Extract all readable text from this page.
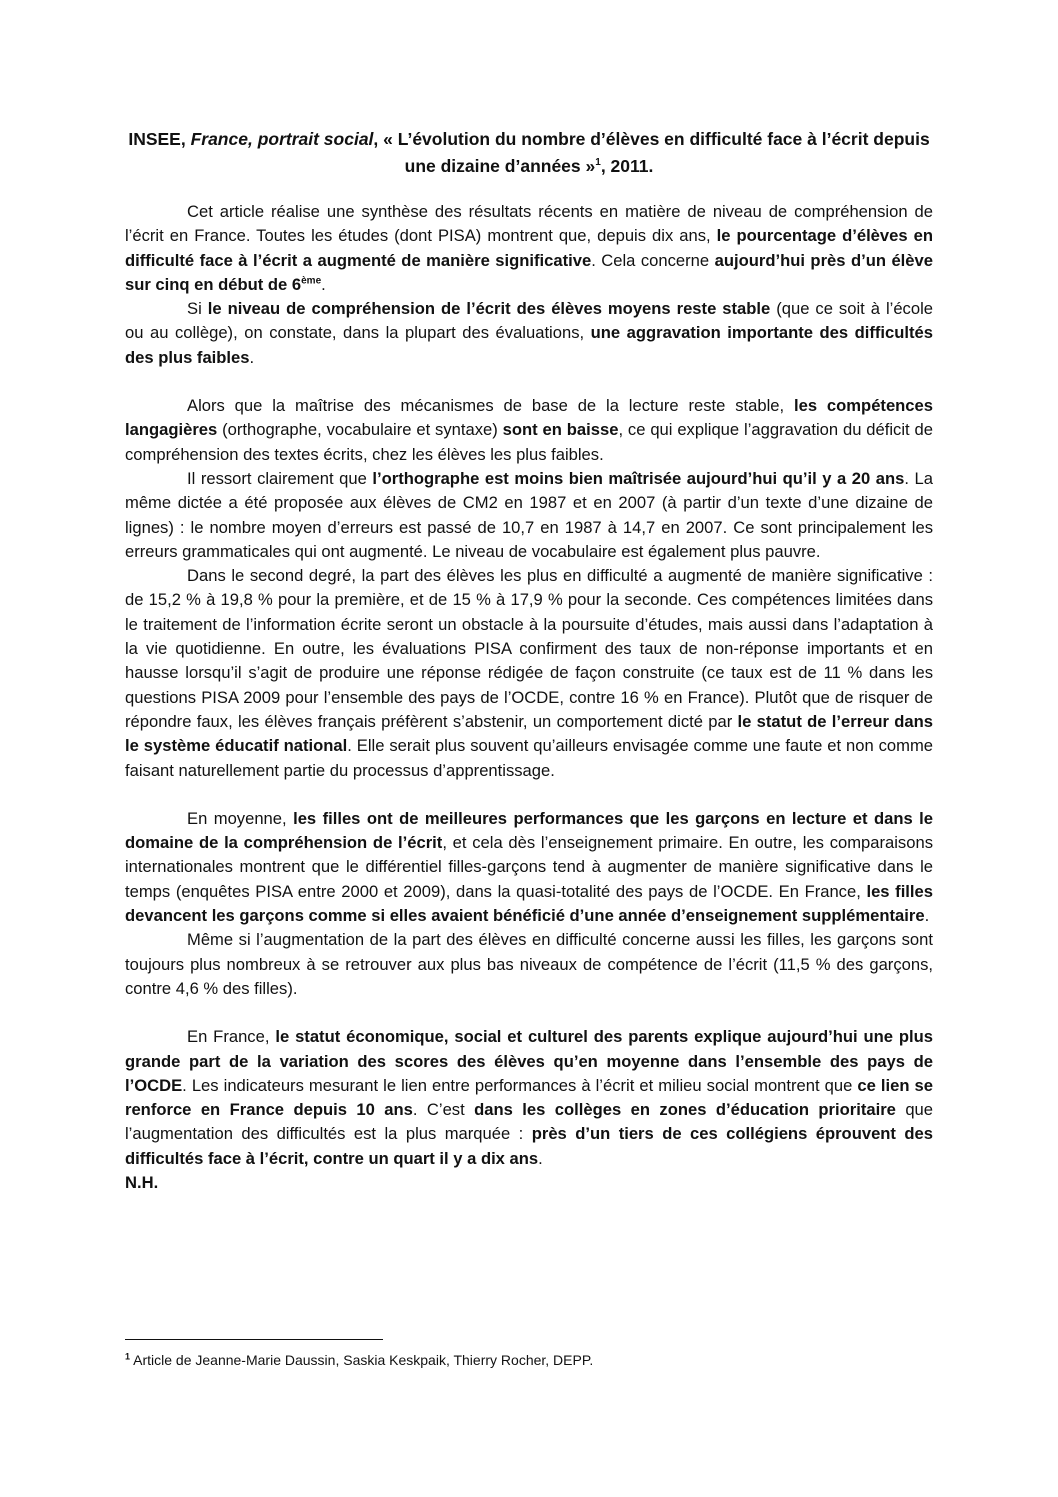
INSEE, France, portrait social, « L’évolution du nombre d’élèves en difficulté face à l’écrit depuis une dizaine d’années »$^1$, 2011.

Cet article réalise une synthèse des résultats récents en matière de niveau de compréhension de l’écrit en France. Toutes les études (dont PISA) montrent que, depuis dix ans, le pourcentage d’élèves en difficulté face à l’écrit a augmenté de manière significative. Cela concerne aujourd’hui près d’un élève sur cinq en début de 6ème.

Si le niveau de compréhension de l’écrit des élèves moyens reste stable (que ce soit à l’école ou au collège), on constate, dans la plupart des évaluations, une aggravation importante des difficultés des plus faibles.

Alors que la maîtrise des mécanismes de base de la lecture reste stable, les compétences langagières (orthographe, vocabulaire et syntaxe) sont en baisse, ce qui explique l’aggravation du déficit de compréhension des textes écrits, chez les élèves les plus faibles.

Il ressort clairement que l’orthographe est moins bien maîtrisée aujourd’hui qu’il y a 20 ans. La même dictée a été proposée aux élèves de CM2 en 1987 et en 2007 (à partir d’un texte d’une dizaine de lignes) : le nombre moyen d’erreurs est passé de 10,7 en 1987 à 14,7 en 2007. Ce sont principalement les erreurs grammaticales qui ont augmenté. Le niveau de vocabulaire est également plus pauvre.

Dans le second degré, la part des élèves les plus en difficulté a augmenté de manière significative : de 15,2 % à 19,8 % pour la première, et de 15 % à 17,9 % pour la seconde. Ces compétences limitées dans le traitement de l’information écrite seront un obstacle à la poursuite d’études, mais aussi dans l’adaptation à la vie quotidienne. En outre, les évaluations PISA confirment des taux de non-réponse importants et en hausse lorsqu’il s’agit de produire une réponse rédigée de façon construite (ce taux est de 11 % dans les questions PISA 2009 pour l’ensemble des pays de l’OCDE, contre 16 % en France). Plutôt que de risquer de répondre faux, les élèves français préfèrent s’abstenir, un comportement dicté par le statut de l’erreur dans le système éducatif national. Elle serait plus souvent qu’ailleurs envisagée comme une faute et non comme faisant naturellement partie du processus d’apprentissage.

En moyenne, les filles ont de meilleures performances que les garçons en lecture et dans le domaine de la compréhension de l’écrit, et cela dès l’enseignement primaire. En outre, les comparaisons internationales montrent que le différentiel filles-garçons tend à augmenter de manière significative dans le temps (enquêtes PISA entre 2000 et 2009), dans la quasi-totalité des pays de l’OCDE. En France, les filles devancent les garçons comme si elles avaient bénéficié d’une année d’enseignement supplémentaire.

Même si l’augmentation de la part des élèves en difficulté concerne aussi les filles, les garçons sont toujours plus nombreux à se retrouver aux plus bas niveaux de compétence de l’écrit (11,5 % des garçons, contre 4,6 % des filles).

En France, le statut économique, social et culturel des parents explique aujourd’hui une plus grande part de la variation des scores des élèves qu’en moyenne dans l’ensemble des pays de l’OCDE. Les indicateurs mesurant le lien entre performances à l’écrit et milieu social montrent que ce lien se renforce en France depuis 10 ans. C’est dans les collèges en zones d’éducation prioritaire que l’augmentation des difficultés est la plus marquée : près d’un tiers de ces collégiens éprouvent des difficultés face à l’écrit, contre un quart il y a dix ans.

N.H.

$^1$ Article de Jeanne-Marie Daussin, Saskia Keskpaik, Thierry Rocher, DEPP.
